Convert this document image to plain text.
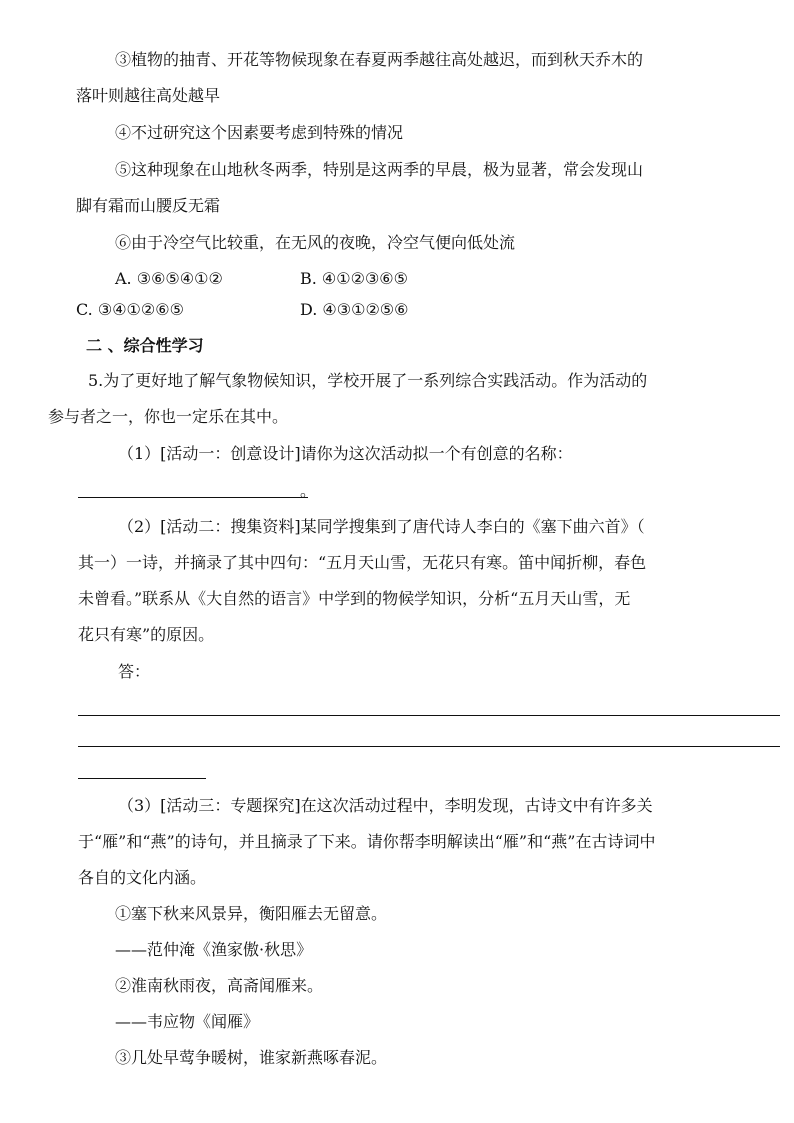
③植物的抽青、开花等物候现象在春夏两季越往高处越迟，而到秋天乔木的
落叶则越往高处越早
④不过研究这个因素要考虑到特殊的情况
⑤这种现象在山地秋冬两季，特别是这两季的早晨，极为显著，常会发现山
脚有霜而山腰反无霜
⑥由于冷空气比较重，在无风的夜晚，冷空气便向低处流
A. ③⑥⑤④①②	B. ④①②③⑥⑤
C. ③④①②⑥⑤	D. ④③①②⑤⑥
二 、综合性学习
5.为了更好地了解气象物候知识，学校开展了一系列综合实践活动。作为活动的
参与者之一，你也一定乐在其中。
（1）[活动一：创意设计]请你为这次活动拟一个有创意的名称：
。
（2）[活动二：搜集资料]某同学搜集到了唐代诗人李白的《塞下曲六首》（
其一）一诗，并摘录了其中四句：“五月天山雪，无花只有寒。笛中闻折柳，春色
未曾看。”联系从《大自然的语言》中学到的物候学知识，分析“五月天山雪，无
花只有寒”的原因。
答：
（3）[活动三：专题探究]在这次活动过程中，李明发现，古诗文中有许多关
于“雁”和“燕”的诗句，并且摘录了下来。请你帮李明解读出“雁”和“燕”在古诗词中
各自的文化内涵。
①塞下秋来风景异，衡阳雁去无留意。
——范仲淹《渔家傲·秋思》
②淮南秋雨夜，高斋闻雁来。
——韦应物《闻雁》
③几处早莺争暖树，谁家新燕啄春泥。
